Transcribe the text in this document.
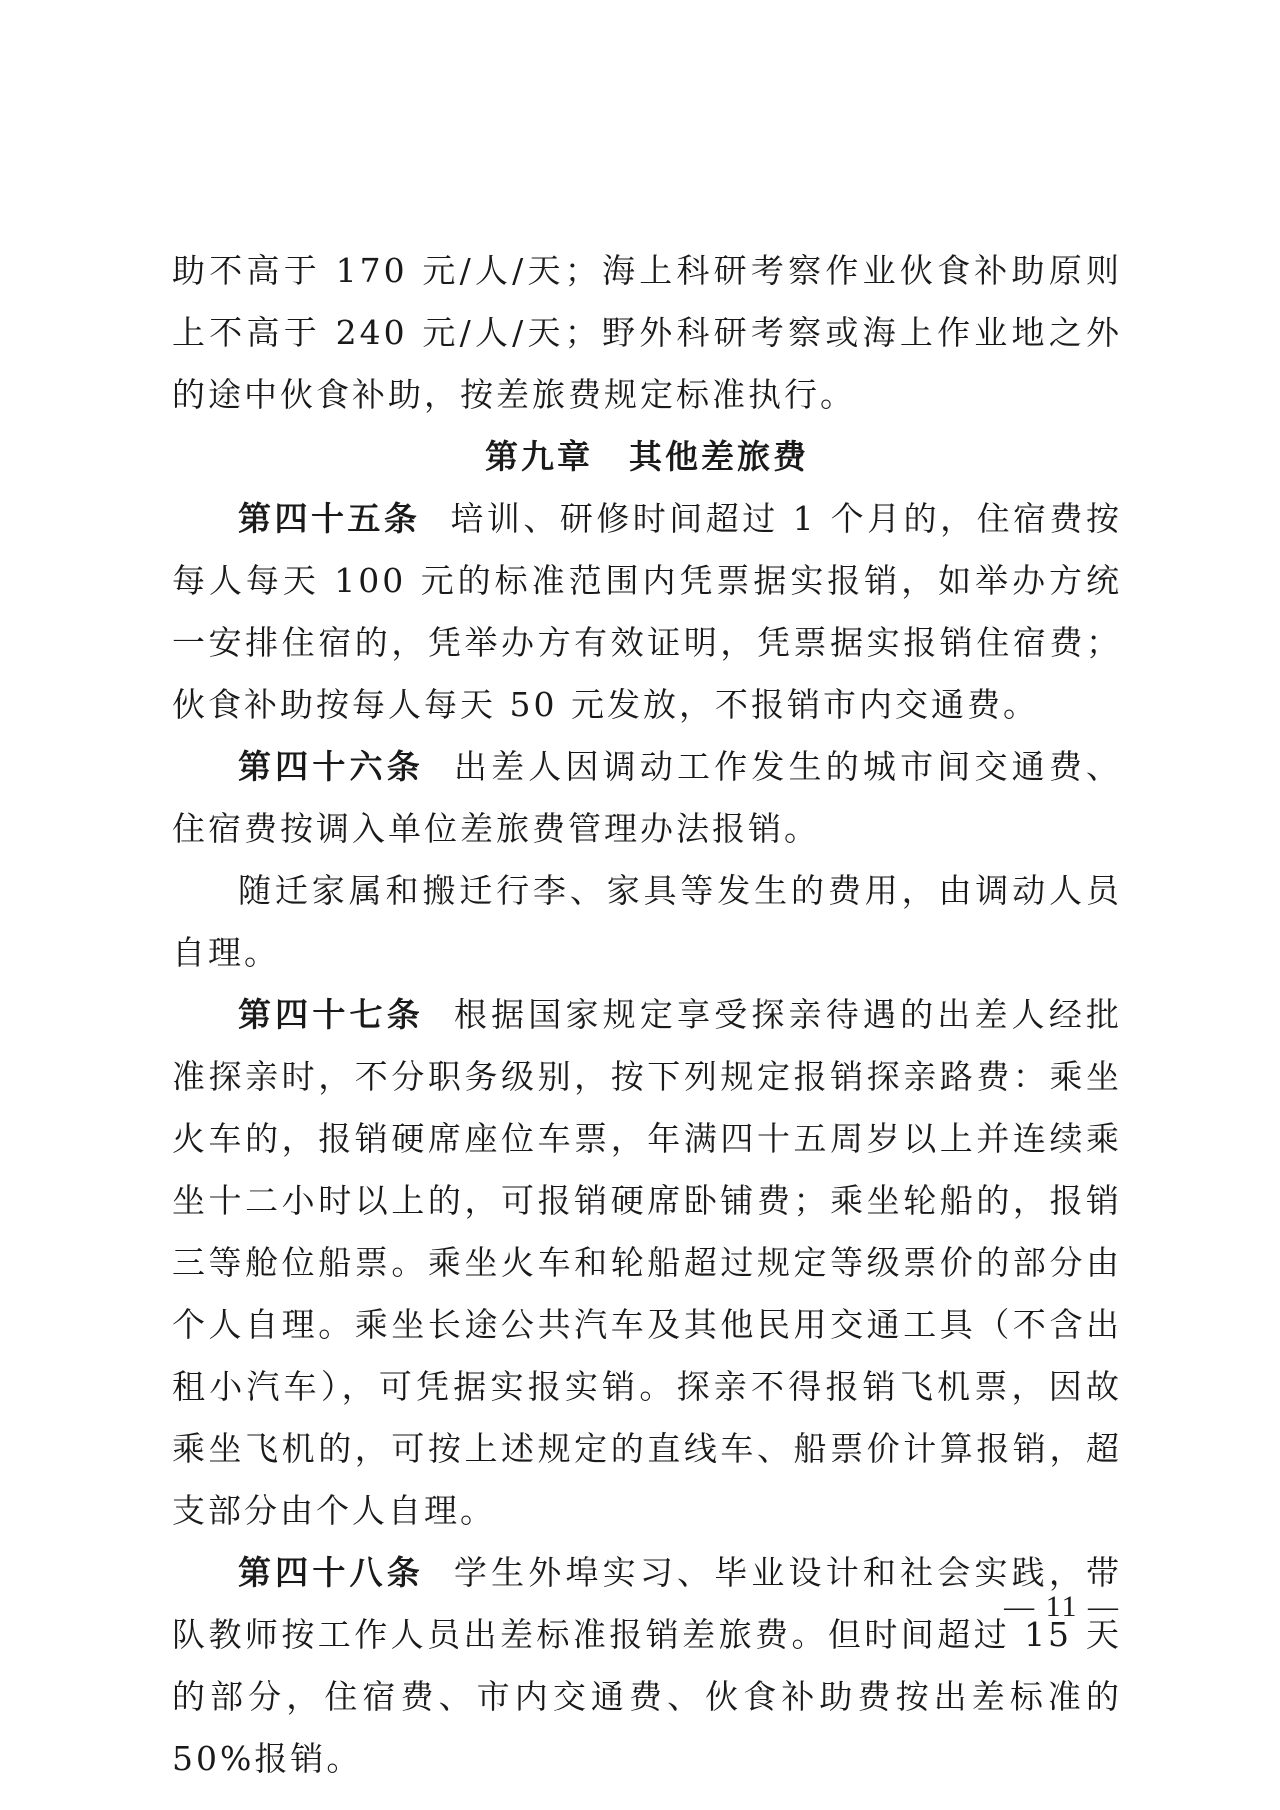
助不高于 170 元/人/天；海上科研考察作业伙食补助原则上不高于 240 元/人/天；野外科研考察或海上作业地之外的途中伙食补助，按差旅费规定标准执行。

第九章　其他差旅费

第四十五条 培训、研修时间超过 1 个月的，住宿费按每人每天 100 元的标准范围内凭票据实报销，如举办方统一安排住宿的，凭举办方有效证明，凭票据实报销住宿费；伙食补助按每人每天 50 元发放，不报销市内交通费。

第四十六条 出差人因调动工作发生的城市间交通费、住宿费按调入单位差旅费管理办法报销。

随迁家属和搬迁行李、家具等发生的费用，由调动人员自理。

第四十七条 根据国家规定享受探亲待遇的出差人经批准探亲时，不分职务级别，按下列规定报销探亲路费：乘坐火车的，报销硬席座位车票，年满四十五周岁以上并连续乘坐十二小时以上的，可报销硬席卧铺费；乘坐轮船的，报销三等舱位船票。乘坐火车和轮船超过规定等级票价的部分由个人自理。乘坐长途公共汽车及其他民用交通工具（不含出租小汽车），可凭据实报实销。探亲不得报销飞机票，因故乘坐飞机的，可按上述规定的直线车、船票价计算报销，超支部分由个人自理。

第四十八条 学生外埠实习、毕业设计和社会实践，带队教师按工作人员出差标准报销差旅费。但时间超过 15 天的部分，住宿费、市内交通费、伙食补助费按出差标准的 50%报销。

— 11 —
